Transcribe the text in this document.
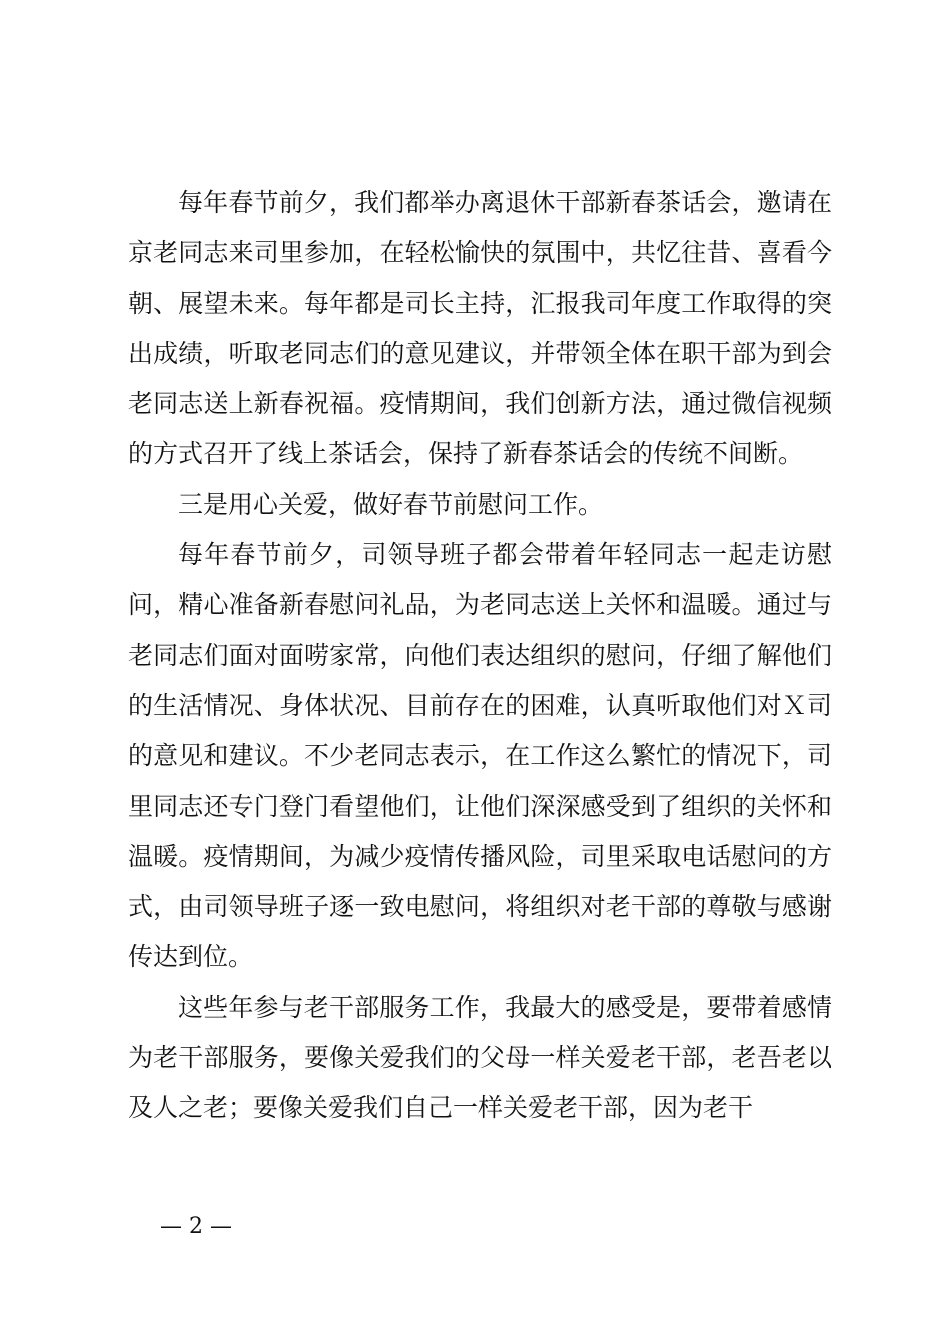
每年春节前夕，我们都举办离退休干部新春茶话会，邀请在京老同志来司里参加，在轻松愉快的氛围中，共忆往昔、喜看今朝、展望未来。每年都是司长主持，汇报我司年度工作取得的突出成绩，听取老同志们的意见建议，并带领全体在职干部为到会老同志送上新春祝福。疫情期间，我们创新方法，通过微信视频的方式召开了线上茶话会，保持了新春茶话会的传统不间断。

三是用心关爱，做好春节前慰问工作。

每年春节前夕，司领导班子都会带着年轻同志一起走访慰问，精心准备新春慰问礼品，为老同志送上关怀和温暖。通过与老同志们面对面唠家常，向他们表达组织的慰问，仔细了解他们的生活情况、身体状况、目前存在的困难，认真听取他们对Ｘ司的意见和建议。不少老同志表示，在工作这么繁忙的情况下，司里同志还专门登门看望他们，让他们深深感受到了组织的关怀和温暖。疫情期间，为减少疫情传播风险，司里采取电话慰问的方式，由司领导班子逐一致电慰问，将组织对老干部的尊敬与感谢传达到位。

这些年参与老干部服务工作，我最大的感受是，要带着感情为老干部服务，要像关爱我们的父母一样关爱老干部，老吾老以及人之老；要像关爱我们自己一样关爱老干部，因为老干

— 2 —
